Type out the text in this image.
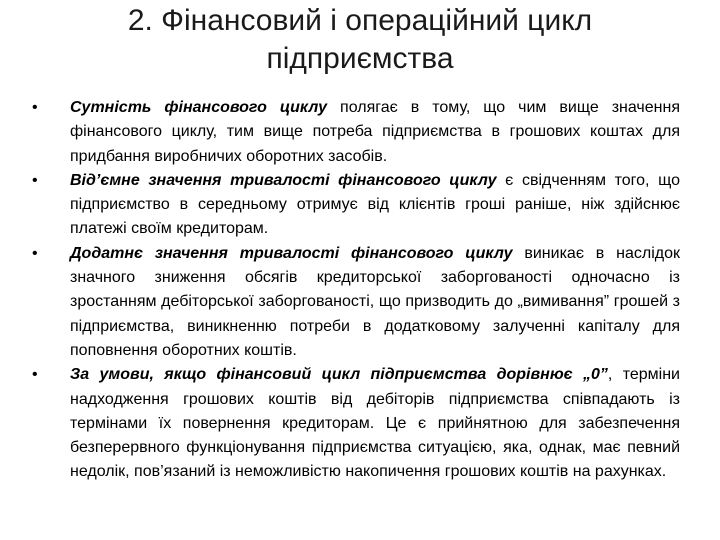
2. Фінансовий і операційний цикл
підприємства
• Сутність фінансового циклу полягає в тому, що чим вище значення фінансового циклу, тим вище потреба підприємства в грошових коштах для придбання виробничих оборотних засобів.
• Від’ємне значення тривалості фінансового циклу є свідченням того, що підприємство в середньому отримує від клієнтів гроші раніше, ніж здійснює платежі своїм кредиторам.
• Додатнє значення тривалості фінансового циклу виникає в наслідок значного зниження обсягів кредиторської заборгованості одночасно із зростанням дебіторської заборгованості, що призводить до „вимивання” грошей з підприємства, виникненню потреби в додатковому залученні капіталу для поповнення оборотних коштів.
• За умови, якщо фінансовий цикл підприємства дорівнює „0”, терміни надходження грошових коштів від дебіторів підприємства співпадають із термінами їх повернення кредиторам. Це є прийнятною для забезпечення безперервного функціонування підприємства ситуацією, яка, однак, має певний недолік, пов’язаний із неможливістю накопичення грошових коштів на рахунках.
